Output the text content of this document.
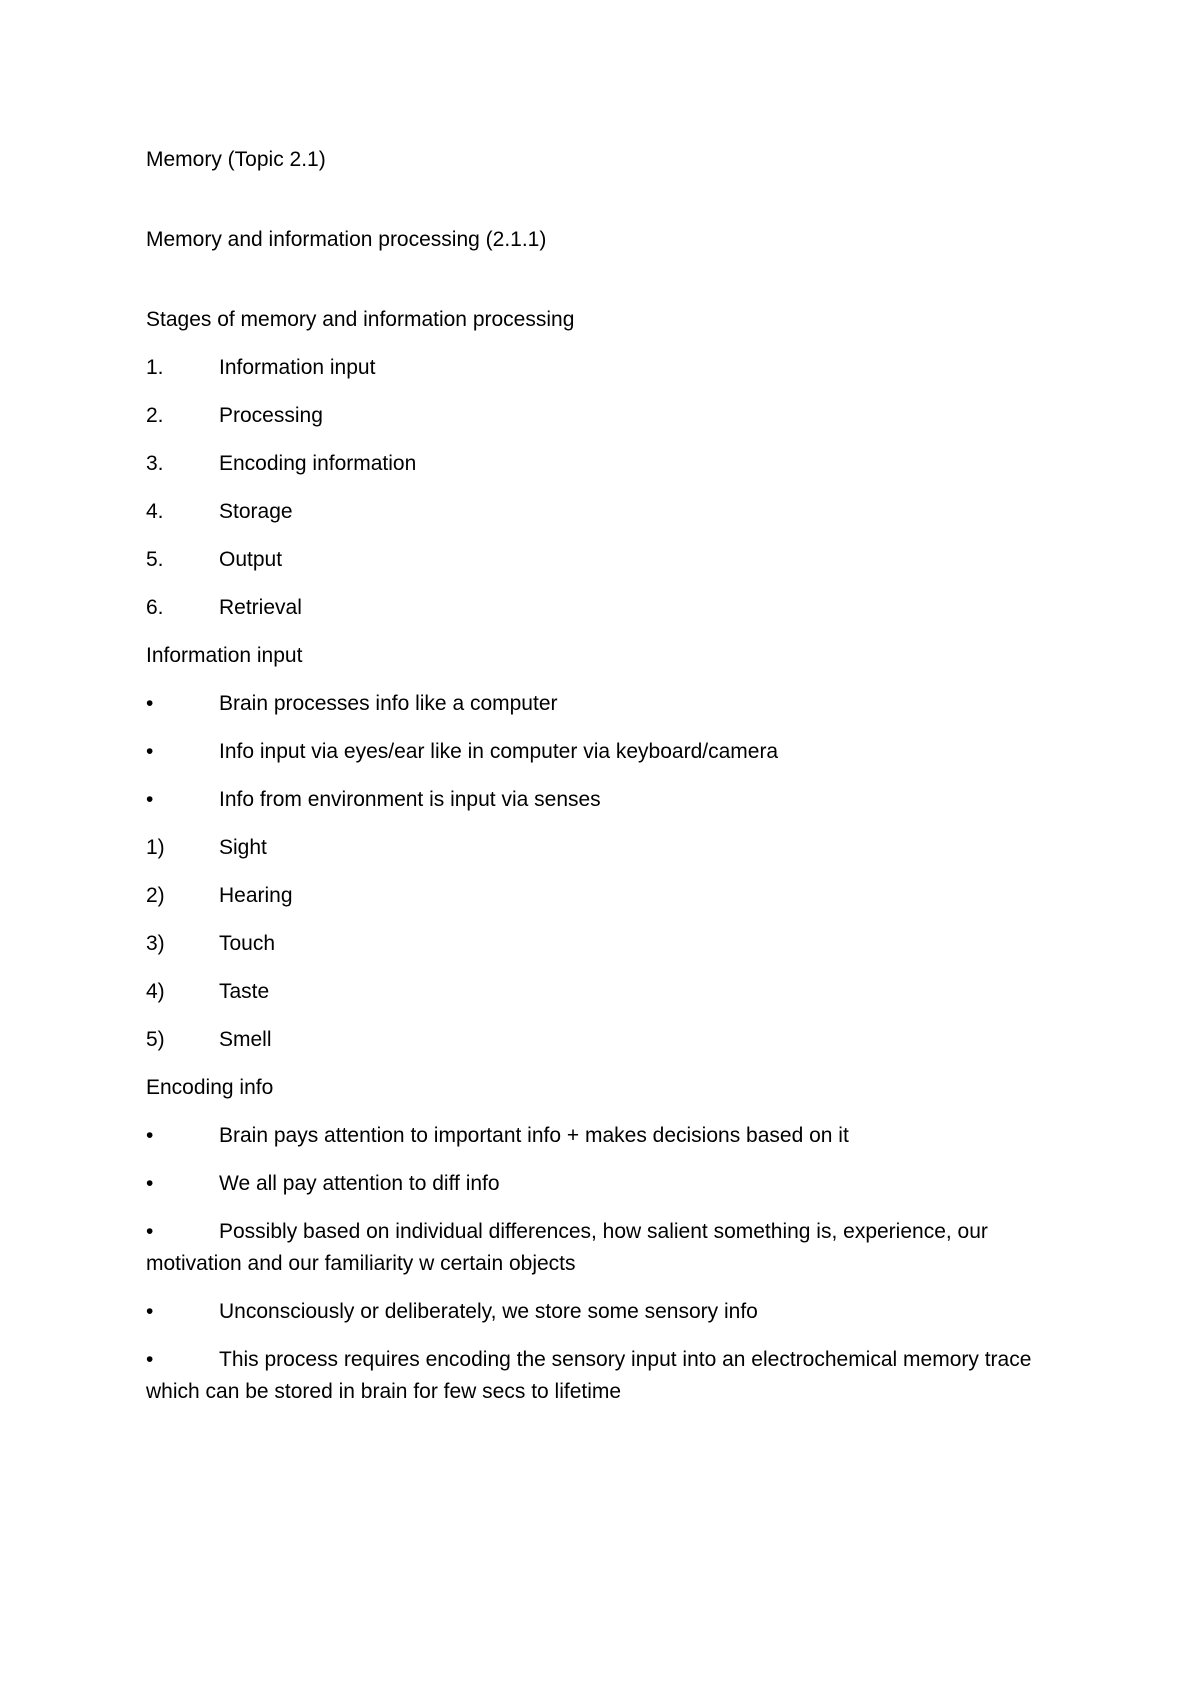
Memory (Topic 2.1)

Memory and information processing (2.1.1)

Stages of memory and information processing

1.	Information input
2.	Processing
3.	Encoding information
4.	Storage
5.	Output
6.	Retrieval

Information input

•	Brain processes info like a computer
•	Info input via eyes/ear like in computer via keyboard/camera
•	Info from environment is input via senses
1)	Sight
2)	Hearing
3)	Touch
4)	Taste
5)	Smell

Encoding info

•	Brain pays attention to important info + makes decisions based on it
•	We all pay attention to diff info
•	Possibly based on individual differences, how salient something is, experience, our motivation and our familiarity w certain objects
•	Unconsciously or deliberately, we store some sensory info
•	This process requires encoding the sensory input into an electrochemical memory trace which can be stored in brain for few secs to lifetime
